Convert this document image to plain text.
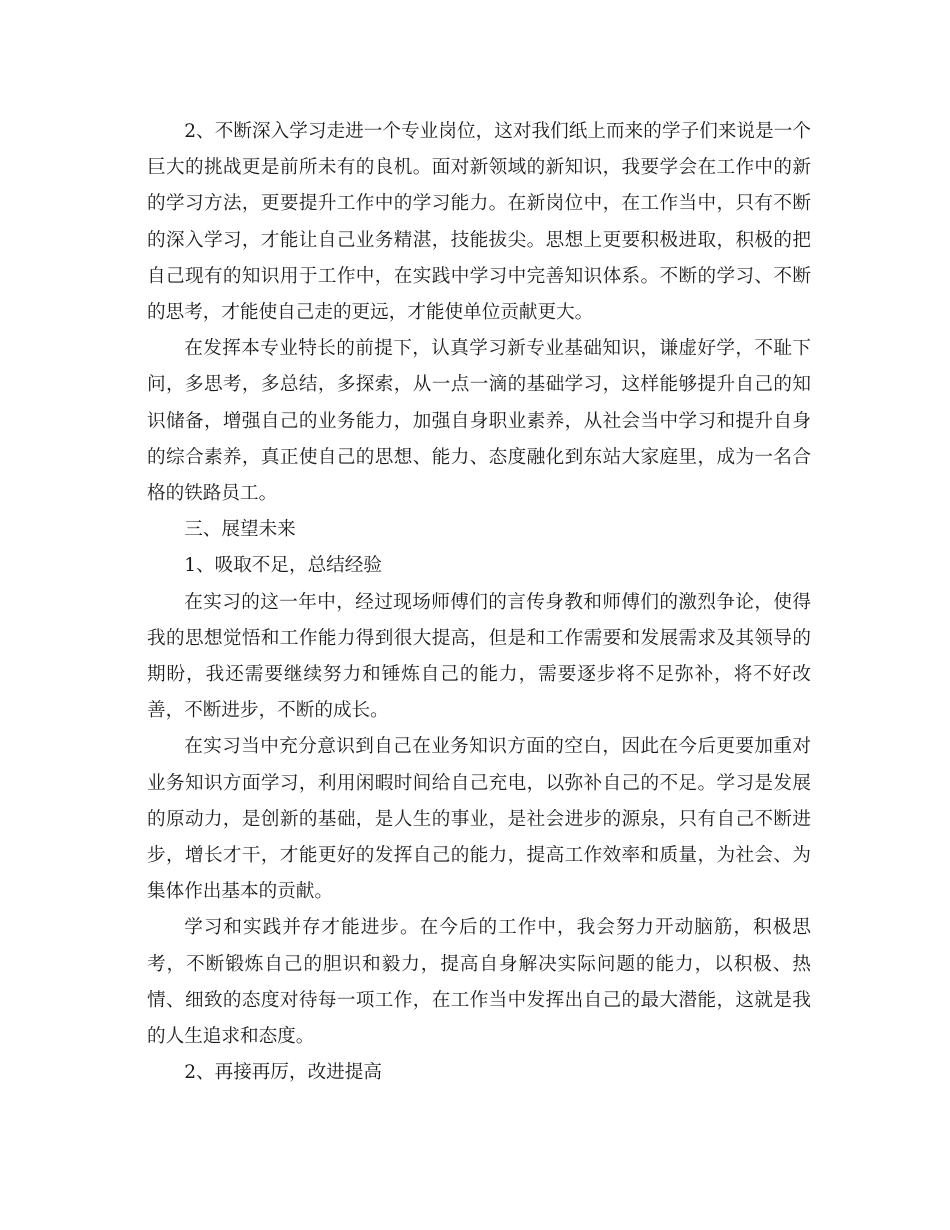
2、不断深入学习走进一个专业岗位，这对我们纸上而来的学子们来说是一个巨大的挑战更是前所未有的良机。面对新领域的新知识，我要学会在工作中的新的学习方法，更要提升工作中的学习能力。在新岗位中，在工作当中，只有不断的深入学习，才能让自己业务精湛，技能拔尖。思想上更要积极进取，积极的把自己现有的知识用于工作中，在实践中学习中完善知识体系。不断的学习、不断的思考，才能使自己走的更远，才能使单位贡献更大。

在发挥本专业特长的前提下，认真学习新专业基础知识，谦虚好学，不耻下问，多思考，多总结，多探索，从一点一滴的基础学习，这样能够提升自己的知识储备，增强自己的业务能力，加强自身职业素养，从社会当中学习和提升自身的综合素养，真正使自己的思想、能力、态度融化到东站大家庭里，成为一名合格的铁路员工。

三、展望未来

1、吸取不足，总结经验

在实习的这一年中，经过现场师傅们的言传身教和师傅们的激烈争论，使得我的思想觉悟和工作能力得到很大提高，但是和工作需要和发展需求及其领导的期盼，我还需要继续努力和锤炼自己的能力，需要逐步将不足弥补，将不好改善，不断进步，不断的成长。

在实习当中充分意识到自己在业务知识方面的空白，因此在今后更要加重对业务知识方面学习，利用闲暇时间给自己充电，以弥补自己的不足。学习是发展的原动力，是创新的基础，是人生的事业，是社会进步的源泉，只有自己不断进步，增长才干，才能更好的发挥自己的能力，提高工作效率和质量，为社会、为集体作出基本的贡献。

学习和实践并存才能进步。在今后的工作中，我会努力开动脑筋，积极思考，不断锻炼自己的胆识和毅力，提高自身解决实际问题的能力，以积极、热情、细致的态度对待每一项工作，在工作当中发挥出自己的最大潜能，这就是我的人生追求和态度。

2、再接再厉，改进提高
